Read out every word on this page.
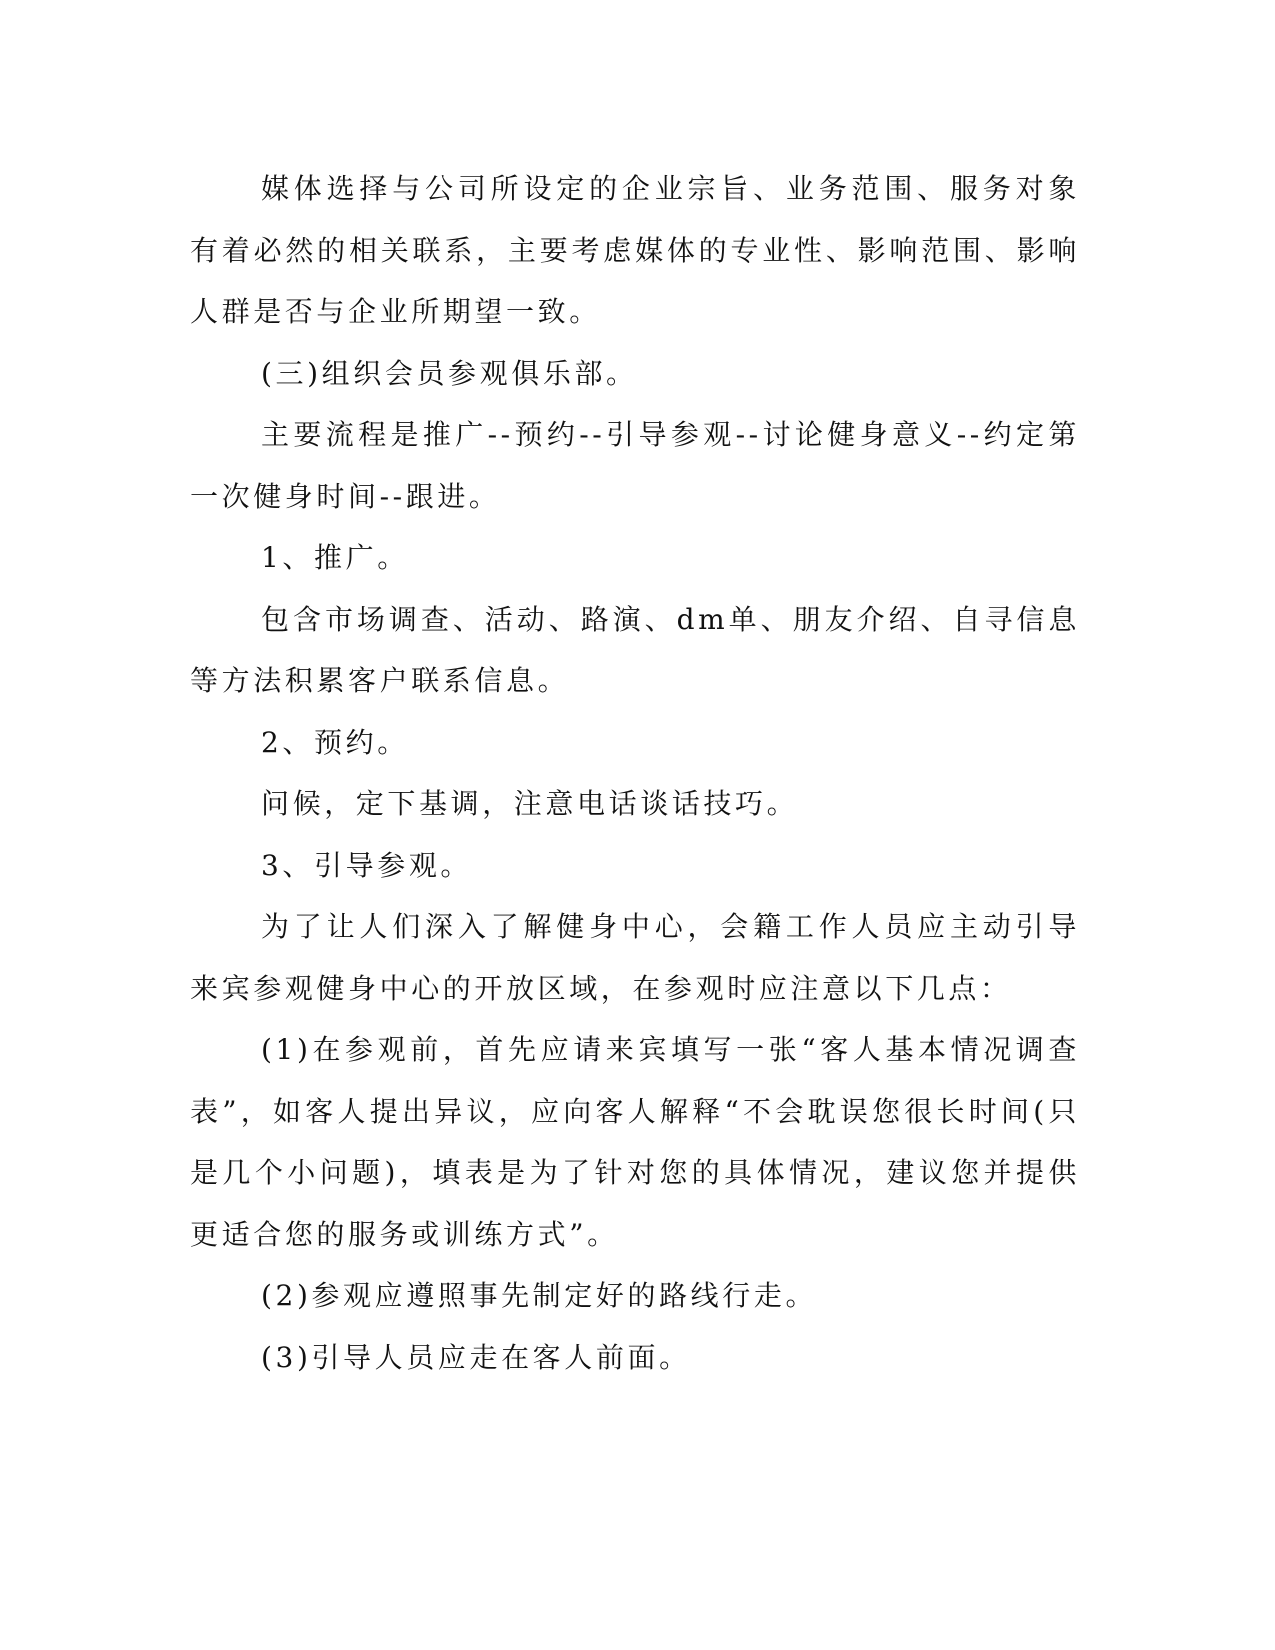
媒体选择与公司所设定的企业宗旨、业务范围、服务对象有着必然的相关联系，主要考虑媒体的专业性、影响范围、影响人群是否与企业所期望一致。

(三)组织会员参观俱乐部。

主要流程是推广--预约--引导参观--讨论健身意义--约定第一次健身时间--跟进。

1、推广。

包含市场调查、活动、路演、dm单、朋友介绍、自寻信息等方法积累客户联系信息。

2、预约。

问候，定下基调，注意电话谈话技巧。

3、引导参观。

为了让人们深入了解健身中心，会籍工作人员应主动引导来宾参观健身中心的开放区域，在参观时应注意以下几点：

(1)在参观前，首先应请来宾填写一张“客人基本情况调查表”，如客人提出异议，应向客人解释“不会耽误您很长时间(只是几个小问题)，填表是为了针对您的具体情况，建议您并提供更适合您的服务或训练方式”。

(2)参观应遵照事先制定好的路线行走。

(3)引导人员应走在客人前面。
